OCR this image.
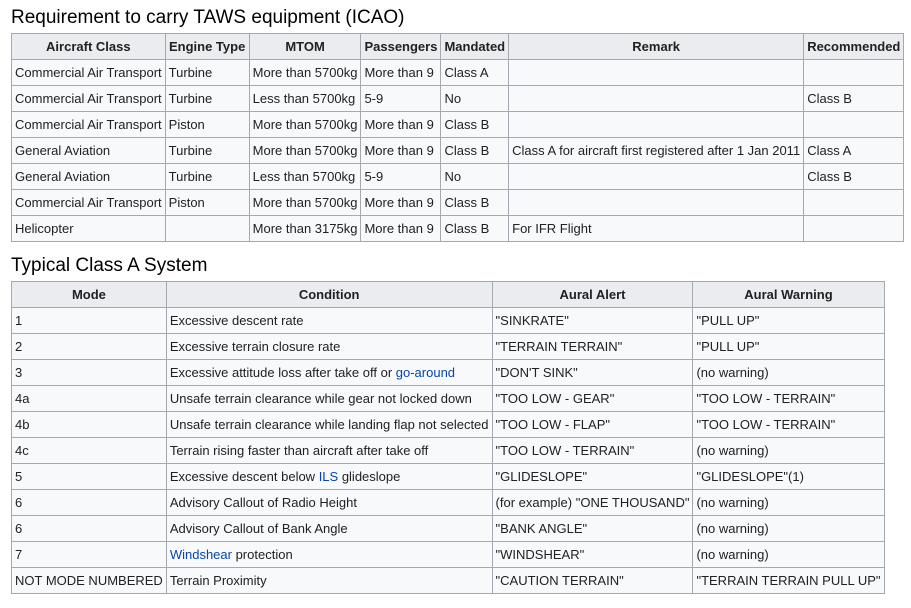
Requirement to carry TAWS equipment (ICAO)
Aircraft Class	Engine Type	MTOM	Passengers	Mandated	Remark	Recommended
Commercial Air Transport	Turbine	More than 5700kg	More than 9	Class A		
Commercial Air Transport	Turbine	Less than 5700kg	5-9	No		Class B
Commercial Air Transport	Piston	More than 5700kg	More than 9	Class B		
General Aviation	Turbine	More than 5700kg	More than 9	Class B	Class A for aircraft first registered after 1 Jan 2011	Class A
General Aviation	Turbine	Less than 5700kg	5-9	No		Class B
Commercial Air Transport	Piston	More than 5700kg	More than 9	Class B		
Helicopter		More than 3175kg	More than 9	Class B	For IFR Flight	
Typical Class A System
Mode	Condition	Aural Alert	Aural Warning
1	Excessive descent rate	"SINKRATE"	"PULL UP"
2	Excessive terrain closure rate	"TERRAIN TERRAIN"	"PULL UP"
3	Excessive attitude loss after take off or go-around	"DON'T SINK"	(no warning)
4a	Unsafe terrain clearance while gear not locked down	"TOO LOW - GEAR"	"TOO LOW - TERRAIN"
4b	Unsafe terrain clearance while landing flap not selected	"TOO LOW - FLAP"	"TOO LOW - TERRAIN"
4c	Terrain rising faster than aircraft after take off	"TOO LOW - TERRAIN"	(no warning)
5	Excessive descent below ILS glideslope	"GLIDESLOPE"	"GLIDESLOPE"(1)
6	Advisory Callout of Radio Height	(for example) "ONE THOUSAND"	(no warning)
6	Advisory Callout of Bank Angle	"BANK ANGLE"	(no warning)
7	Windshear protection	"WINDSHEAR"	(no warning)
NOT MODE NUMBERED	Terrain Proximity	"CAUTION TERRAIN"	"TERRAIN TERRAIN PULL UP"
